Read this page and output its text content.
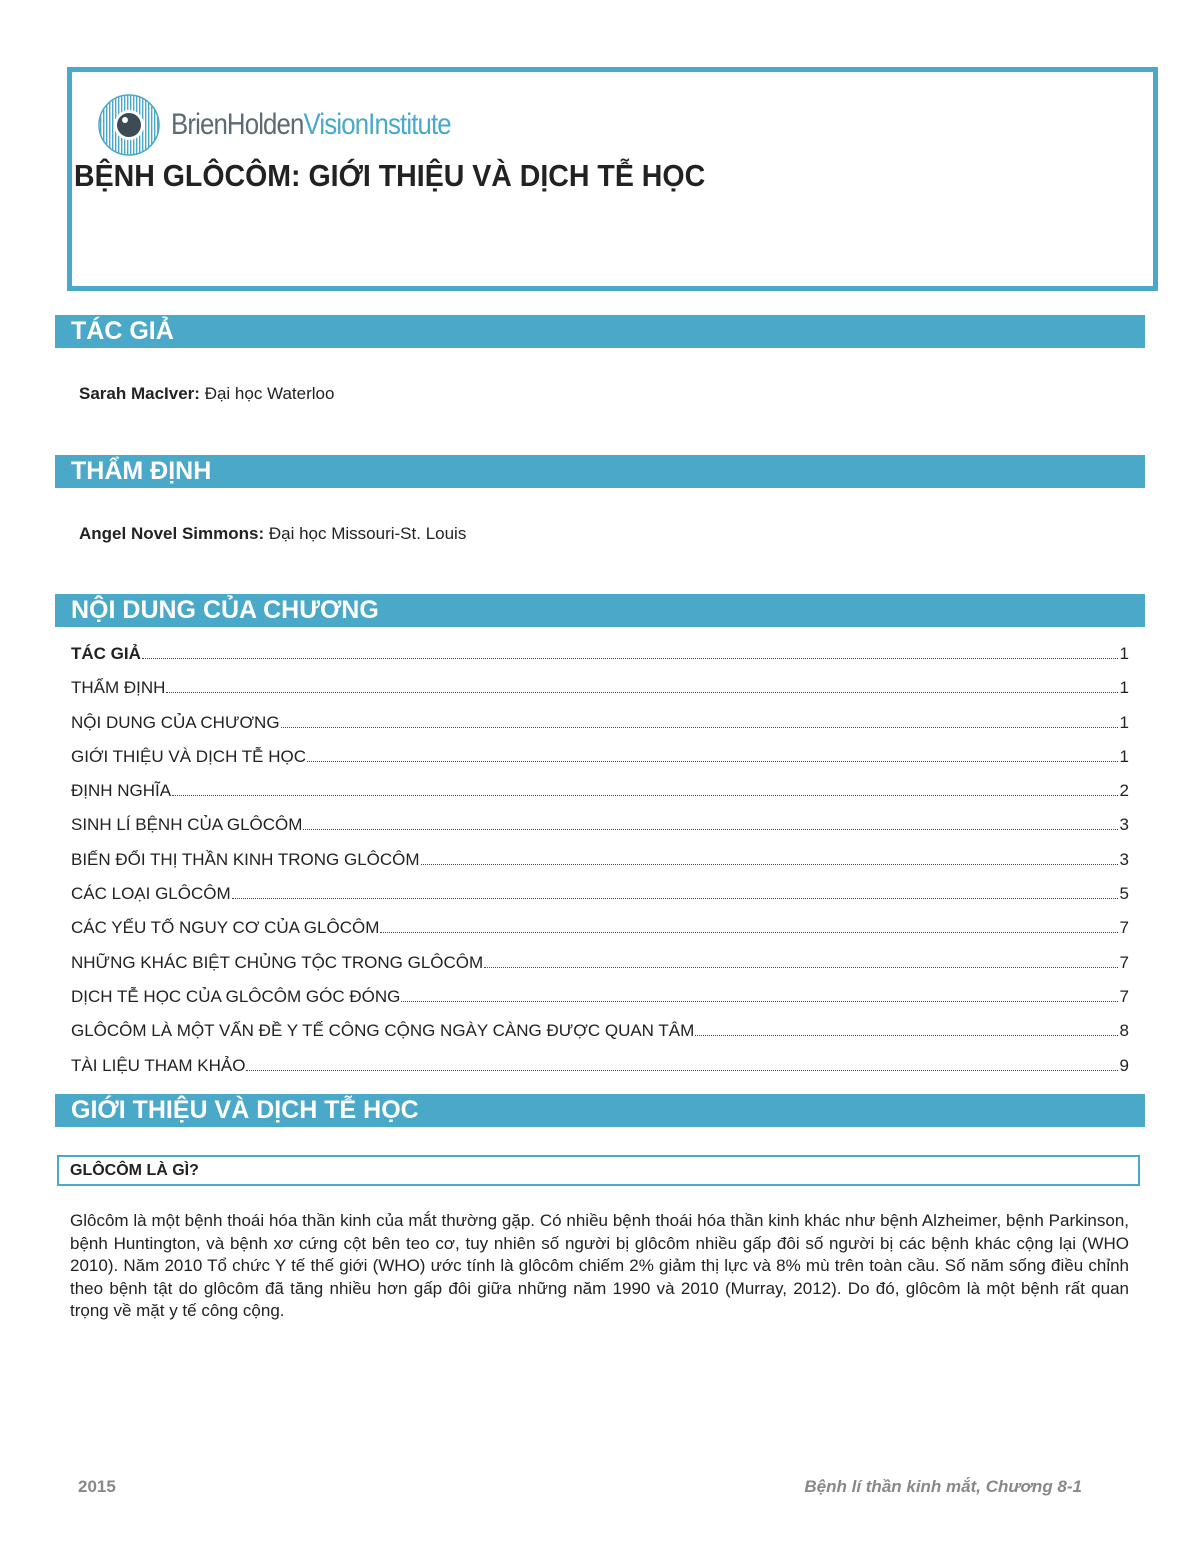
BrienHoldenVisionInstitute
BỆNH GLÔCÔM: GIỚI THIỆU VÀ DỊCH TỄ HỌC
TÁC GIẢ
Sarah MacIver: Đại học Waterloo
THẨM ĐỊNH
Angel Novel Simmons: Đại học Missouri-St. Louis
NỘI DUNG CỦA CHƯƠNG
TÁC GIẢ	1
THẨM ĐỊNH	1
NỘI DUNG CỦA CHƯƠNG	1
GIỚI THIỆU VÀ DỊCH TỄ HỌC	1
ĐỊNH NGHĨA	2
SINH LÍ BỆNH CỦA GLÔCÔM	3
BIẾN ĐỔI THỊ THẦN KINH TRONG GLÔCÔM	3
CÁC LOẠI GLÔCÔM	5
CÁC YẾU TỐ NGUY CƠ CỦA GLÔCÔM	7
NHỮNG KHÁC BIỆT CHỦNG TỘC TRONG GLÔCÔM	7
DỊCH TỄ HỌC CỦA GLÔCÔM GÓC ĐÓNG	7
GLÔCÔM LÀ MỘT VẤN ĐỀ Y TẾ CÔNG CỘNG NGÀY CÀNG ĐƯỢC QUAN TÂM	8
TÀI LIỆU THAM KHẢO	9
GIỚI THIỆU VÀ DỊCH TỄ HỌC
GLÔCÔM LÀ GÌ?

Glôcôm là một bệnh thoái hóa thần kinh của mắt thường gặp. Có nhiều bệnh thoái hóa thần kinh khác như bệnh Alzheimer, bệnh Parkinson, bệnh Huntington, và bệnh xơ cứng cột bên teo cơ, tuy nhiên số người bị glôcôm nhiều gấp đôi số người bị các bệnh khác cộng lại (WHO 2010). Năm 2010 Tổ chức Y tế thế giới (WHO) ước tính là glôcôm chiếm 2% giảm thị lực và 8% mù trên toàn cầu. Số năm sống điều chỉnh theo bệnh tật do glôcôm đã tăng nhiều hơn gấp đôi giữa những năm 1990 và 2010 (Murray, 2012). Do đó, glôcôm là một bệnh rất quan trọng về mặt y tế công cộng.

2015	Bệnh lí thần kinh mắt, Chương 8-1
